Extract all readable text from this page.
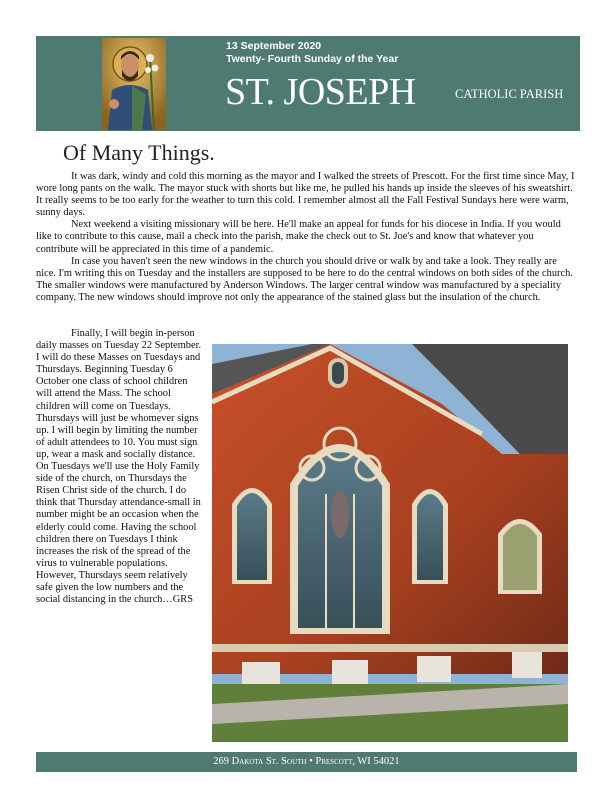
13 September 2020
Twenty- Fourth Sunday of the Year
ST. JOSEPH	CATHOLIC PARISH
Of Many Things.

It was dark, windy and cold this morning as the mayor and I walked the streets of Prescott. For the first time since May, I wore long pants on the walk. The mayor stuck with shorts but like me, he pulled his hands up inside the sleeves of his sweatshirt. It really seems to be too early for the weather to turn this cold. I remember almost all the Fall Festival Sundays here were warm, sunny days.

Next weekend a visiting missionary will be here. He'll make an appeal for funds for his diocese in India. If you would like to contribute to this cause, mail a check into the parish, make the check out to St. Joe's and know that whatever you contribute will be appreciated in this time of a pandemic.

In case you haven't seen the new windows in the church you should drive or walk by and take a look. They really are nice. I'm writing this on Tuesday and the installers are supposed to be here to do the central windows on both sides of the church. The smaller windows were manufactured by Anderson Windows. The larger central window was manufactured by a speciality company. The new windows should improve not only the appearance of the stained glass but the insulation of the church.

Finally, I will begin in-person daily masses on Tuesday 22 September. I will do these Masses on Tuesdays and Thursdays. Beginning Tuesday 6 October one class of school children will attend the Mass. The school children will come on Tuesdays. Thursdays will just be whomever signs up. I will begin by limiting the number of adult attendees to 10. You must sign up, wear a mask and socially distance. On Tuesdays we'll use the Holy Family side of the church, on Thursdays the Risen Christ side of the church. I do think that Thursday attendance-small in number might be an occasion when the elderly could come. Having the school children there on Tuesdays I think increases the risk of the spread of the virus to vulnerable populations. However, Thursdays seem relatively safe given the low numbers and the social distancing in the church…GRS

269 Dakota St. South • Prescott, WI 54021
